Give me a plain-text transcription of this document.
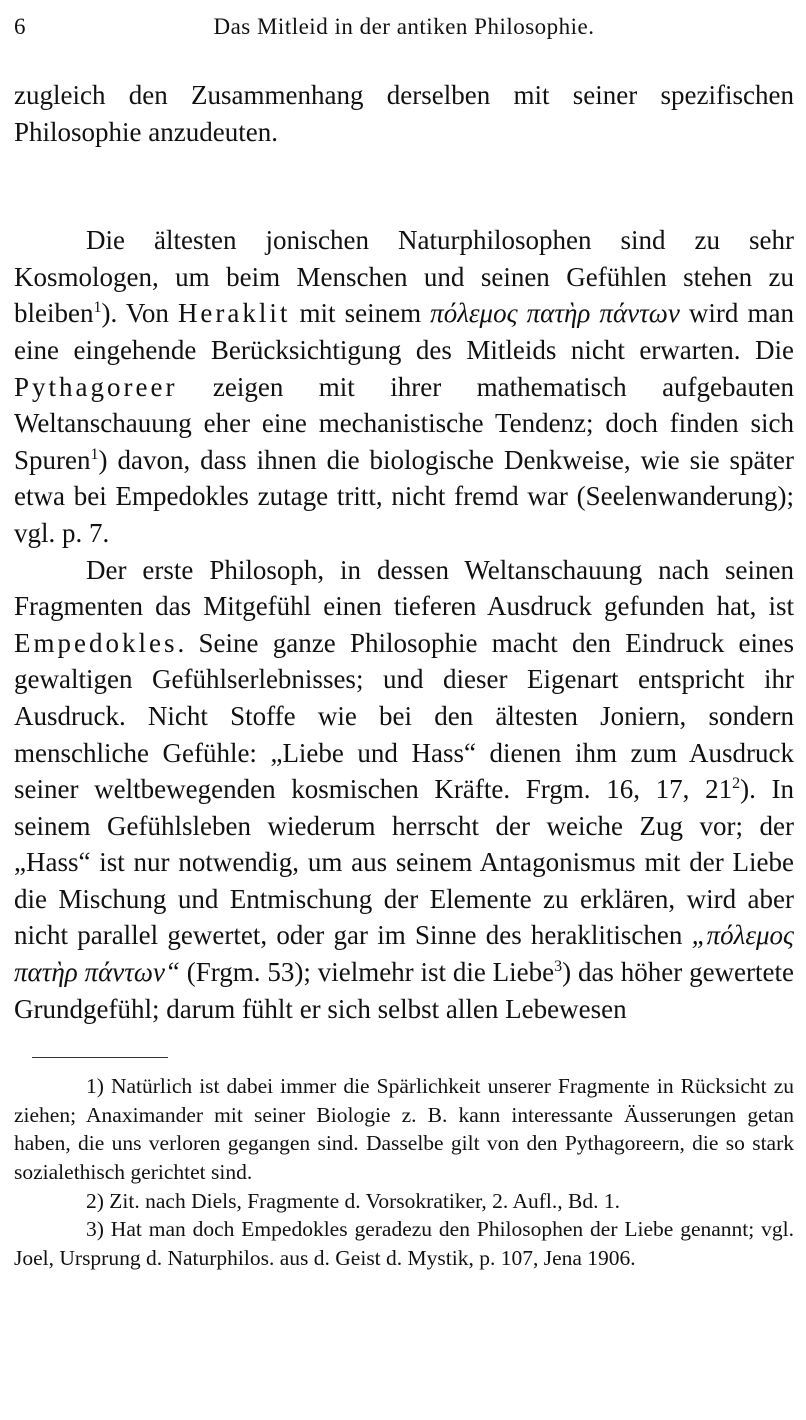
6	Das Mitleid in der antiken Philosophie.

zugleich den Zusammenhang derselben mit seiner spezifischen Philosophie anzudeuten.

Die ältesten jonischen Naturphilosophen sind zu sehr Kosmologen, um beim Menschen und seinen Gefühlen stehen zu bleiben$^1$). Von Heraklit mit seinem πόλεμος πατὴρ πάντων wird man eine eingehende Berücksichtigung des Mitleids nicht erwarten. Die Pythagoreer zeigen mit ihrer mathematisch aufgebauten Weltanschauung eher eine mechanistische Tendenz; doch finden sich Spuren$^1$) davon, dass ihnen die biologische Denkweise, wie sie später etwa bei Empedokles zutage tritt, nicht fremd war (Seelenwanderung); vgl. p. 7.

Der erste Philosoph, in dessen Weltanschauung nach seinen Fragmenten das Mitgefühl einen tieferen Ausdruck gefunden hat, ist Empedokles. Seine ganze Philosophie macht den Eindruck eines gewaltigen Gefühlserlebnisses; und dieser Eigenart entspricht ihr Ausdruck. Nicht Stoffe wie bei den ältesten Joniern, sondern menschliche Gefühle: „Liebe und Hass“ dienen ihm zum Ausdruck seiner weltbewegenden kosmischen Kräfte. Frgm. 16, 17, 21$^2$). In seinem Gefühlsleben wiederum herrscht der weiche Zug vor; der „Hass“ ist nur notwendig, um aus seinem Antagonismus mit der Liebe die Mischung und Entmischung der Elemente zu erklären, wird aber nicht parallel gewertet, oder gar im Sinne des heraklitischen „πόλεμος πατὴρ πάντων“ (Frgm. 53); vielmehr ist die Liebe$^3$) das höher gewertete Grundgefühl; darum fühlt er sich selbst allen Lebewesen

1) Natürlich ist dabei immer die Spärlichkeit unserer Fragmente in Rücksicht zu ziehen; Anaximander mit seiner Biologie z. B. kann interessante Äusserungen getan haben, die uns verloren gegangen sind. Dasselbe gilt von den Pythagoreern, die so stark sozialethisch gerichtet sind.

2) Zit. nach Diels, Fragmente d. Vorsokratiker, 2. Aufl., Bd. 1.

3) Hat man doch Empedokles geradezu den Philosophen der Liebe genannt; vgl. Joel, Ursprung d. Naturphilos. aus d. Geist d. Mystik, p. 107, Jena 1906.
